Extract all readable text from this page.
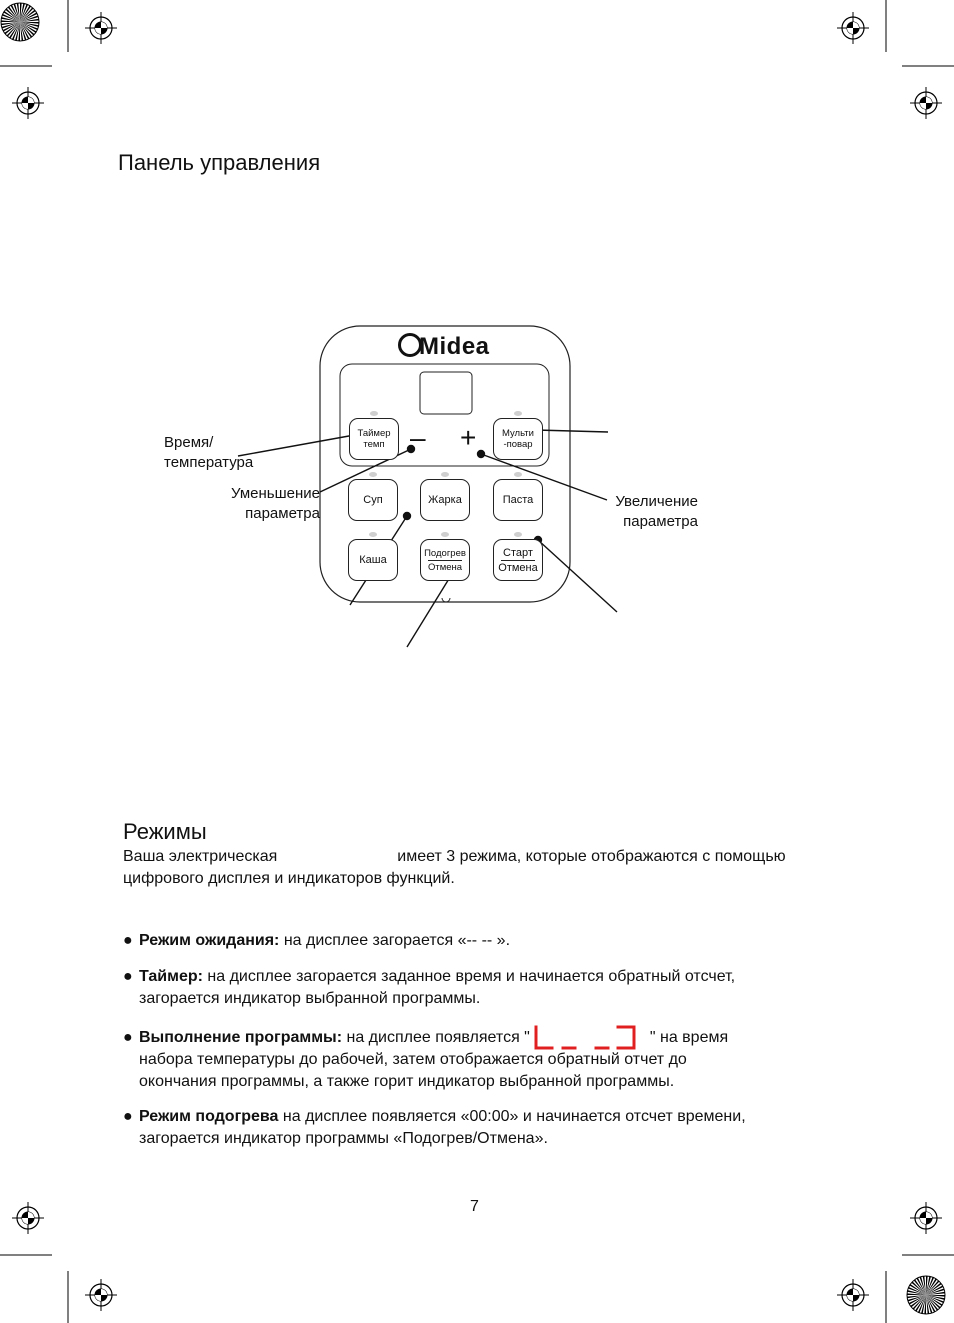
Панель управления
Midea
Таймер
темп – +	Мульти
-повар
Суп	Жарка	Паста
Каша
Подогрев
Отмена
Старт
Отмена
Время/
температура
Уменьшение
параметра
Увеличение
параметра
Режимы
Ваша электрическая	имеет 3 режима, которые отображаются с помощью
цифрового дисплея и индикаторов функций.
● Режим ожидания: на дисплее загорается «-- -- ».
● Таймер: на дисплее загорается заданное время и начинается обратный отсчет,
загорается индикатор выбранной программы.
● Выполнение программы: на дисплее появляется "	" на время
набора температуры до рабочей, затем отображается обратный отчет до
окончания программы, а также горит индикатор выбранной программы.
● Режим подогрева на дисплее появляется «00:00» и начинается отсчет времени,
загорается индикатор программы «Подогрев/Отмена».
7
